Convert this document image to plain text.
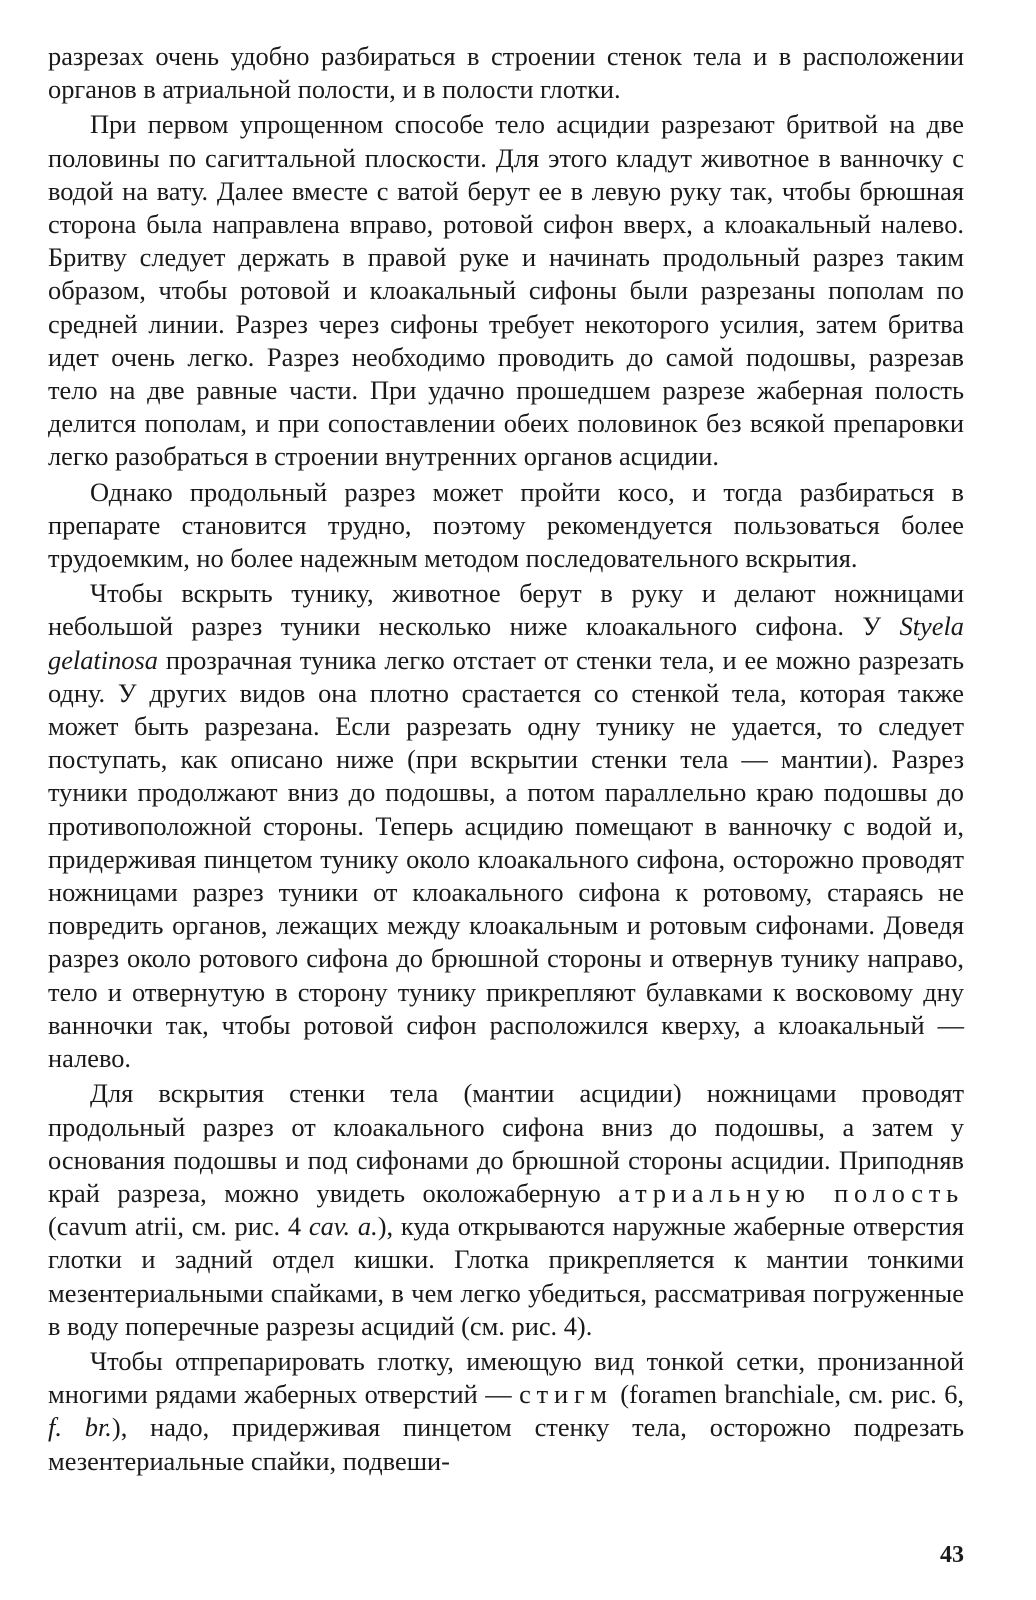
разрезах очень удобно разбираться в строении стенок тела и в расположении органов в атриальной полости, и в полости глотки.

При первом упрощенном способе тело асцидии разрезают бритвой на две половины по сагиттальной плоскости. Для этого кладут животное в ванночку с водой на вату. Далее вместе с ватой берут ее в левую руку так, чтобы брюшная сторона была направлена вправо, ротовой сифон вверх, а клоакальный налево. Бритву следует держать в правой руке и начинать продольный разрез таким образом, чтобы ротовой и клоакальный сифоны были разрезаны пополам по средней линии. Разрез через сифоны требует некоторого усилия, затем бритва идет очень легко. Разрез необходимо проводить до самой подошвы, разрезав тело на две равные части. При удачно прошедшем разрезе жаберная полость делится пополам, и при сопоставлении обеих половинок без всякой препаровки легко разобраться в строении внутренних органов асцидии.

Однако продольный разрез может пройти косо, и тогда разбираться в препарате становится трудно, поэтому рекомендуется пользоваться более трудоемким, но более надежным методом последовательного вскрытия.

Чтобы вскрыть тунику, животное берут в руку и делают ножницами небольшой разрез туники несколько ниже клоакального сифона. У Styela gelatinosa прозрачная туника легко отстает от стенки тела, и ее можно разрезать одну. У других видов она плотно срастается со стенкой тела, которая также может быть разрезана. Если разрезать одну тунику не удается, то следует поступать, как описано ниже (при вскрытии стенки тела — мантии). Разрез туники продолжают вниз до подошвы, а потом параллельно краю подошвы до противоположной стороны. Теперь асцидию помещают в ванночку с водой и, придерживая пинцетом тунику около клоакального сифона, осторожно проводят ножницами разрез туники от клоакального сифона к ротовому, стараясь не повредить органов, лежащих между клоакальным и ротовым сифонами. Доведя разрез около ротового сифона до брюшной стороны и отвернув тунику направо, тело и отвернутую в сторону тунику прикрепляют булавками к восковому дну ванночки так, чтобы ротовой сифон расположился кверху, а клоакальный — налево.

Для вскрытия стенки тела (мантии асцидии) ножницами проводят продольный разрез от клоакального сифона вниз до подошвы, а затем у основания подошвы и под сифонами до брюшной стороны асцидии. Приподняв край разреза, можно увидеть околожаберную атриальную полость (cavum atrii, см. рис. 4 cav. a.), куда открываются наружные жаберные отверстия глотки и задний отдел кишки. Глотка прикрепляется к мантии тонкими мезентериальными спайками, в чем легко убедиться, рассматривая погруженные в воду поперечные разрезы асцидий (см. рис. 4).

Чтобы отпрепарировать глотку, имеющую вид тонкой сетки, пронизанной многими рядами жаберных отверстий — стигм (foramen branchiale, см. рис. 6, f. br.), надо, придерживая пинцетом стенку тела, осторожно подрезать мезентериальные спайки, подвеши-

43
